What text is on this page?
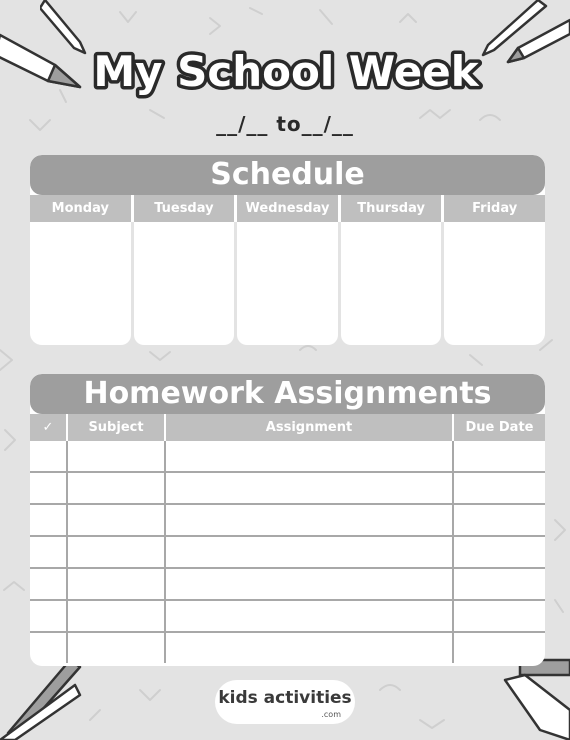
My School Week
__/__ to__/__
Schedule
Monday	Tuesday	Wednesday	Thursday	Friday
Homework Assignments
✓	Subject	Assignment	Due Date

kids activities
.com
